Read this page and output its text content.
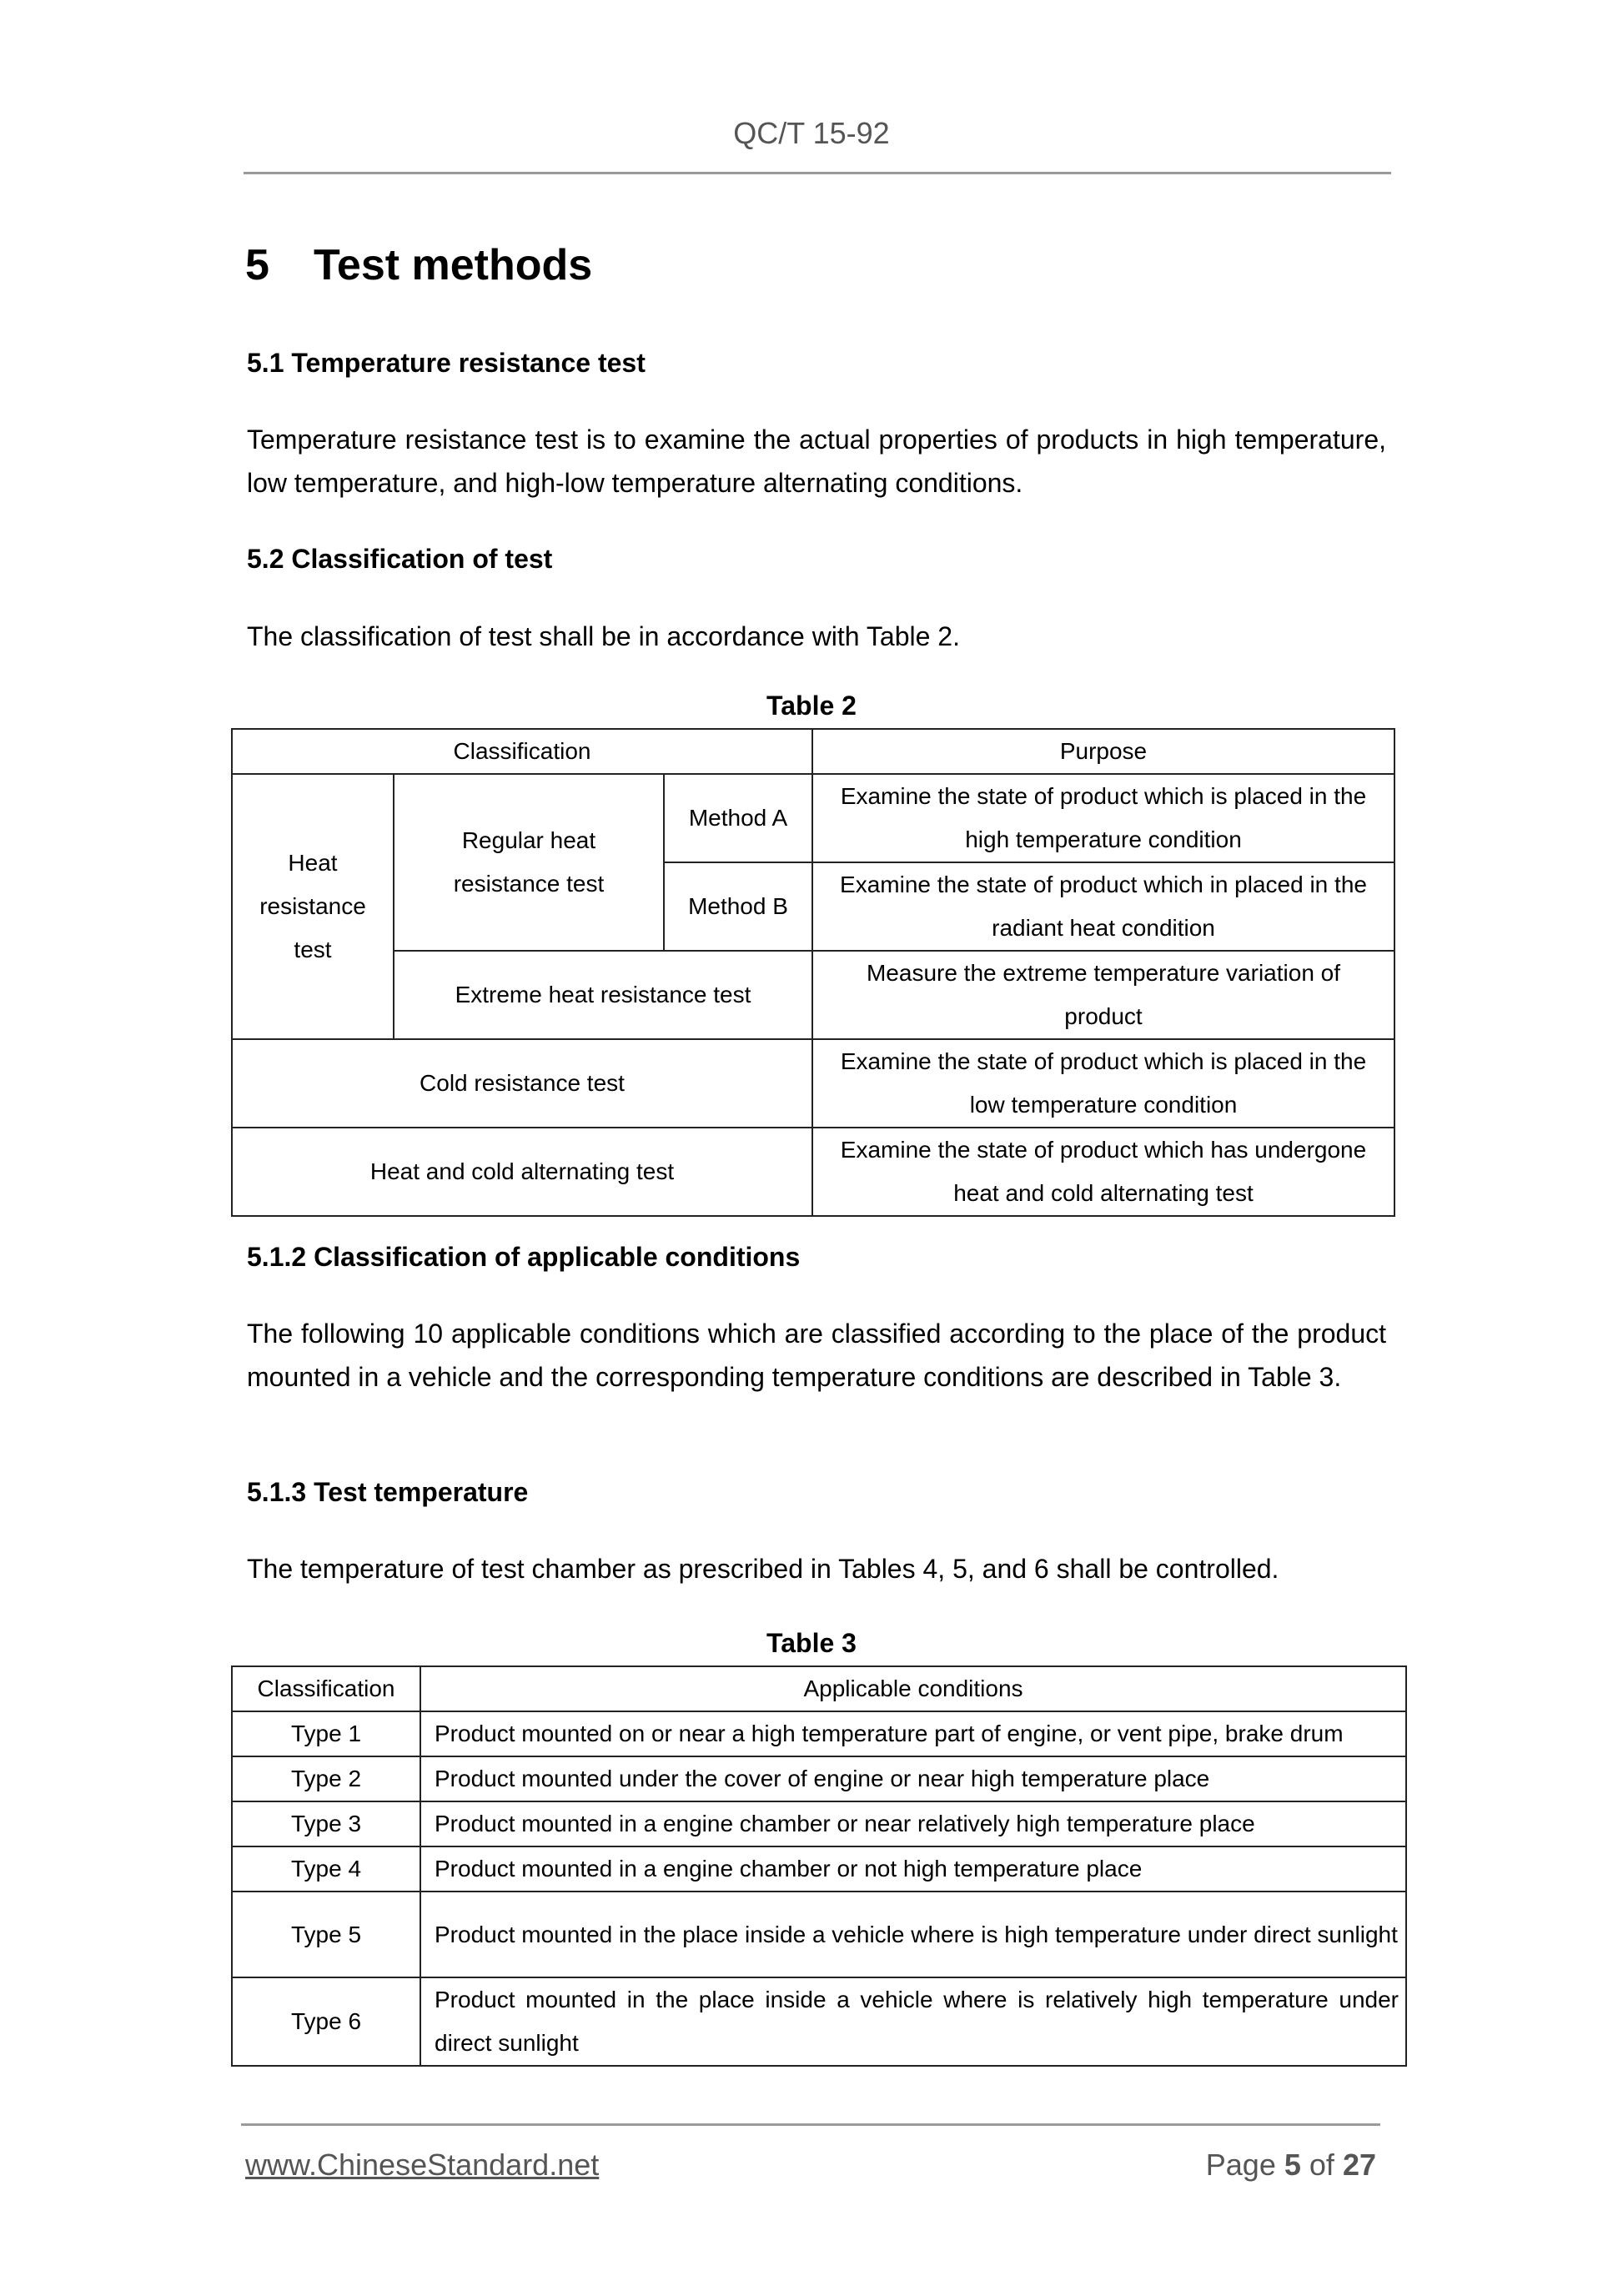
QC/T 15-92
5 Test methods
5.1 Temperature resistance test
Temperature resistance test is to examine the actual properties of products in high temperature, low temperature, and high-low temperature alternating conditions.
5.2 Classification of test
The classification of test shall be in accordance with Table 2.
Table 2
Classification			Purpose
Heat resistance test	Regular heat resistance test	Method A	Examine the state of product which is placed in the high temperature condition
		Method B	Examine the state of product which in placed in the radiant heat condition
	Extreme heat resistance test		Measure the extreme temperature variation of product
Cold resistance test			Examine the state of product which is placed in the low temperature condition
Heat and cold alternating test			Examine the state of product which has undergone heat and cold alternating test
5.1.2 Classification of applicable conditions
The following 10 applicable conditions which are classified according to the place of the product mounted in a vehicle and the corresponding temperature conditions are described in Table 3.
5.1.3 Test temperature
The temperature of test chamber as prescribed in Tables 4, 5, and 6 shall be controlled.
Table 3
Classification	Applicable conditions
Type 1	Product mounted on or near a high temperature part of engine, or vent pipe, brake drum
Type 2	Product mounted under the cover of engine or near high temperature place
Type 3	Product mounted in a engine chamber or near relatively high temperature place
Type 4	Product mounted in a engine chamber or not high temperature place
Type 5	Product mounted in the place inside a vehicle where is high temperature under direct sunlight
Type 6	Product mounted in the place inside a vehicle where is relatively high temperature under direct sunlight
www.ChineseStandard.net	Page 5 of 27
